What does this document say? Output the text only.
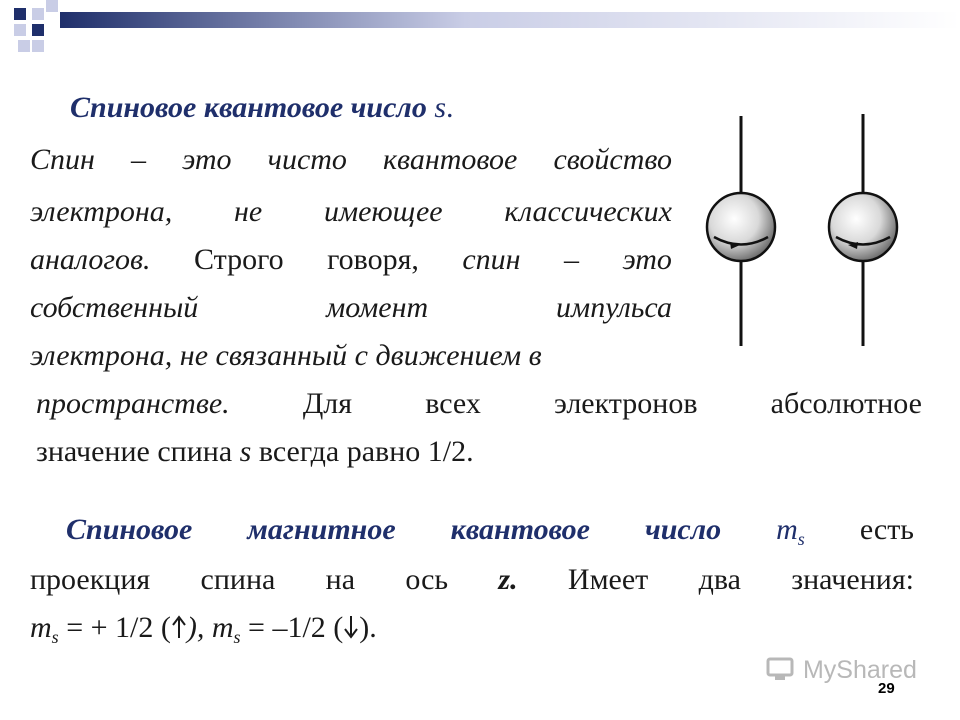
Спиновое квантовое число s.
Спин – это чисто квантовое свойство
электрона, не имеющее классических
аналогов. Строго говоря, спин – это
собственный	момент	импульса
электрона, не связанный с движением в
пространстве. Для всех электронов абсолютное
значение спина s всегда равно 1/2.
Спиновое магнитное квантовое число $m_s$ есть
проекция спина на ось z. Имеет два значения:
$m_s$ = + 1/2 ( ), $m_s = -1/2$ ( ).
MyShared
29
